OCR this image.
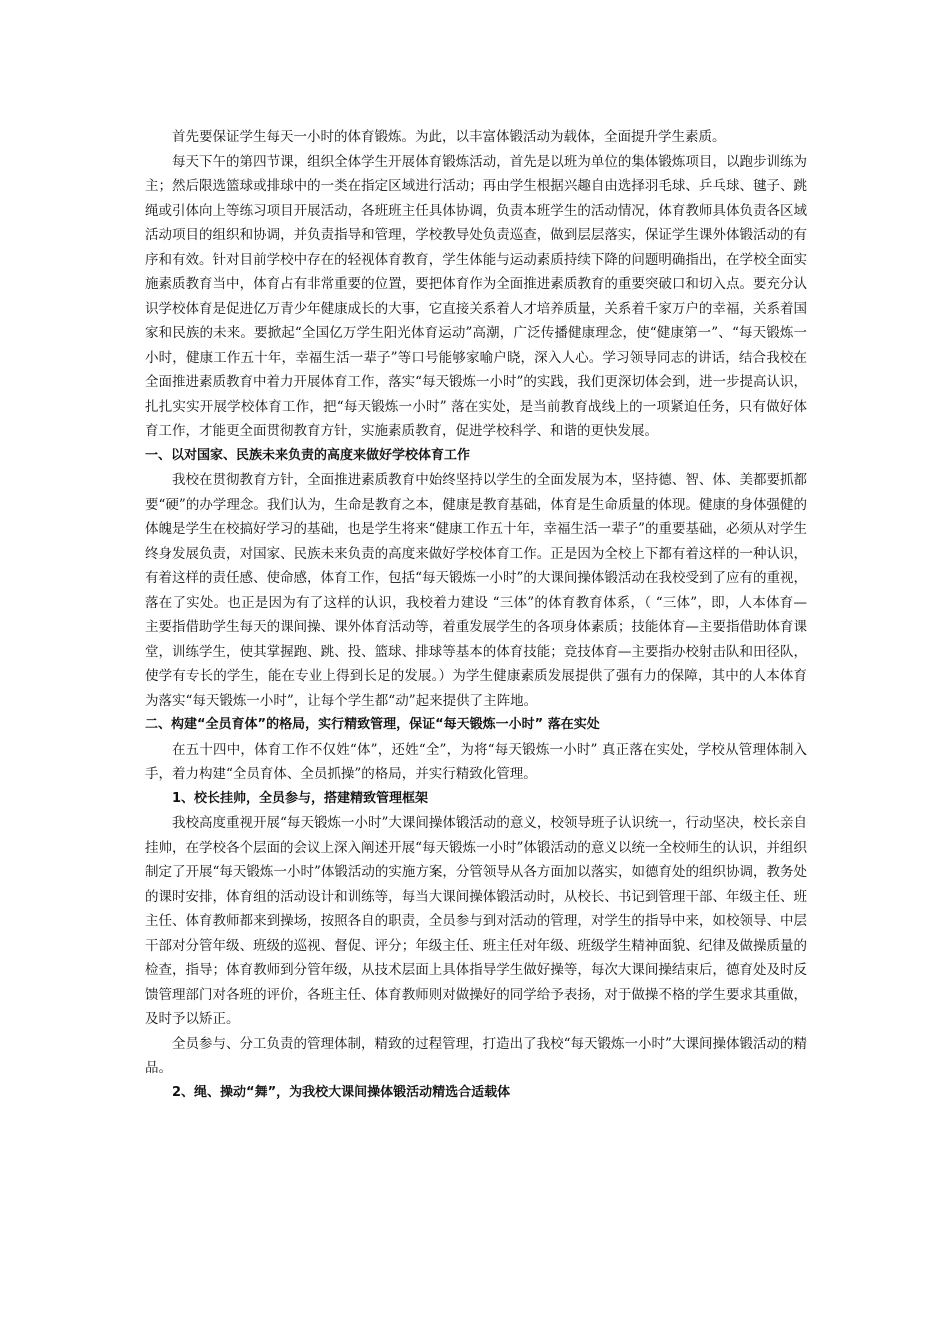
首先要保证学生每天一小时的体育锻炼。为此，以丰富体锻活动为载体，全面提升学生素质。

每天下午的第四节课，组织全体学生开展体育锻炼活动，首先是以班为单位的集体锻炼项目，以跑步训练为主；然后限选篮球或排球中的一类在指定区域进行活动；再由学生根据兴趣自由选择羽毛球、乒乓球、毽子、跳绳或引体向上等练习项目开展活动，各班班主任具体协调，负责本班学生的活动情况，体育教师具体负责各区域活动项目的组织和协调，并负责指导和管理，学校教导处负责巡查，做到层层落实，保证学生课外体锻活动的有序和有效。针对目前学校中存在的轻视体育教育，学生体能与运动素质持续下降的问题明确指出，在学校全面实施素质教育当中，体育占有非常重要的位置，要把体育作为全面推进素质教育的重要突破口和切入点。要充分认识学校体育是促进亿万青少年健康成长的大事，它直接关系着人才培养质量，关系着千家万户的幸福，关系着国家和民族的未来。要掀起“全国亿万学生阳光体育运动”高潮，广泛传播健康理念，使“健康第一”、“每天锻炼一小时，健康工作五十年，幸福生活一辈子”等口号能够家喻户晓，深入人心。学习领导同志的讲话，结合我校在全面推进素质教育中着力开展体育工作，落实“每天锻炼一小时”的实践，我们更深切体会到，进一步提高认识，扎扎实实开展学校体育工作，把“每天锻炼一小时” 落在实处，是当前教育战线上的一项紧迫任务，只有做好体育工作，才能更全面贯彻教育方针，实施素质教育，促进学校科学、和谐的更快发展。

一、以对国家、民族未来负责的高度来做好学校体育工作

我校在贯彻教育方针，全面推进素质教育中始终坚持以学生的全面发展为本，坚持德、智、体、美都要抓都要“硬”的办学理念。我们认为，生命是教育之本，健康是教育基础，体育是生命质量的体现。健康的身体强健的体魄是学生在校搞好学习的基础，也是学生将来“健康工作五十年，幸福生活一辈子”的重要基础，必须从对学生终身发展负责，对国家、民族未来负责的高度来做好学校体育工作。正是因为全校上下都有着这样的一种认识，有着这样的责任感、使命感，体育工作，包括“每天锻炼一小时”的大课间操体锻活动在我校受到了应有的重视，落在了实处。也正是因为有了这样的认识，我校着力建设 “三体”的体育教育体系，（ “三体”，即，人本体育—主要指借助学生每天的课间操、课外体育活动等，着重发展学生的各项身体素质；技能体育—主要指借助体育课堂，训练学生，使其掌握跑、跳、投、篮球、排球等基本的体育技能；竞技体育—主要指办校射击队和田径队，使学有专长的学生，能在专业上得到长足的发展。）为学生健康素质发展提供了强有力的保障，其中的人本体育为落实“每天锻炼一小时”，让每个学生都“动”起来提供了主阵地。

二、构建“全员育体”的格局，实行精致管理，保证“每天锻炼一小时” 落在实处

在五十四中，体育工作不仅姓“体”，还姓“全”，为将“每天锻炼一小时” 真正落在实处，学校从管理体制入手，着力构建“全员育体、全员抓操”的格局，并实行精致化管理。

1、校长挂帅，全员参与，搭建精致管理框架

我校高度重视开展“每天锻炼一小时”大课间操体锻活动的意义，校领导班子认识统一，行动坚决，校长亲自挂帅，在学校各个层面的会议上深入阐述开展“每天锻炼一小时”体锻活动的意义以统一全校师生的认识，并组织制定了开展“每天锻炼一小时”体锻活动的实施方案，分管领导从各方面加以落实，如德育处的组织协调，教务处的课时安排，体育组的活动设计和训练等，每当大课间操体锻活动时，从校长、书记到管理干部、年级主任、班主任、体育教师都来到操场，按照各自的职责，全员参与到对活动的管理，对学生的指导中来，如校领导、中层干部对分管年级、班级的巡视、督促、评分；年级主任、班主任对年级、班级学生精神面貌、纪律及做操质量的检查，指导；体育教师到分管年级，从技术层面上具体指导学生做好操等，每次大课间操结束后，德育处及时反馈管理部门对各班的评价，各班主任、体育教师则对做操好的同学给予表扬，对于做操不格的学生要求其重做，及时予以矫正。

全员参与、分工负责的管理体制，精致的过程管理，打造出了我校“每天锻炼一小时”大课间操体锻活动的精品。

2、绳、操动“舞”，为我校大课间操体锻活动精选合适载体
